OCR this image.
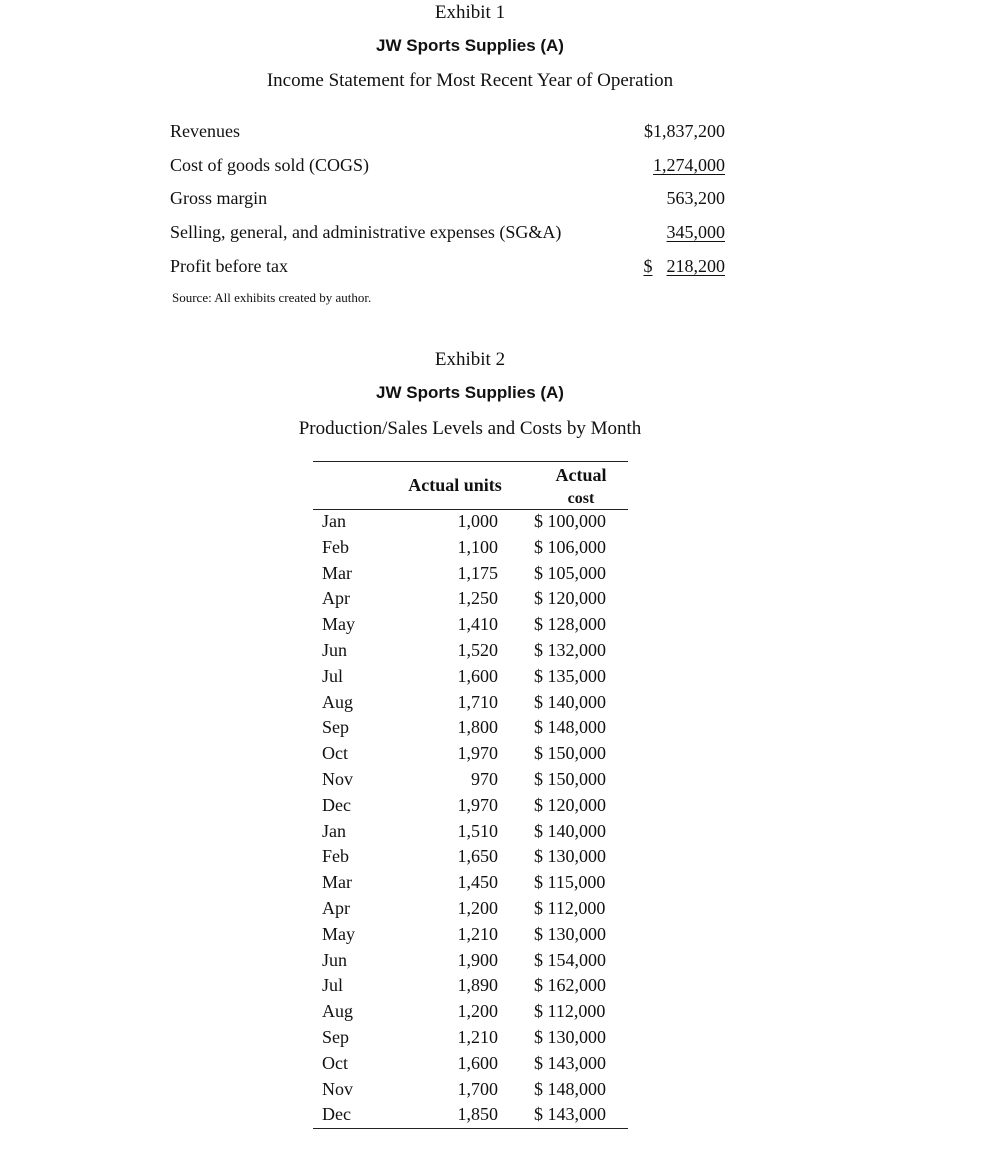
Exhibit 1
JW Sports Supplies (A)
Income Statement for Most Recent Year of Operation
Revenues	$1,837,200
Cost of goods sold (COGS)	1,274,000
Gross margin	563,200
Selling, general, and administrative expenses (SG&A)	345,000
Profit before tax	$ 218,200
Source: All exhibits created by author.
Exhibit 2
JW Sports Supplies (A)
Production/Sales Levels and Costs by Month
Actual units	Actual
cost
Jan	1,000 $ 100,000
Feb	1,100 $ 106,000
Mar	1,175 $ 105,000
Apr	1,250 $ 120,000
May	1,410 $ 128,000
Jun	1,520 $ 132,000
Jul	1,600 $ 135,000
Aug	1,710 $ 140,000
Sep	1,800 $ 148,000
Oct	1,970 $ 150,000
Nov	970 $ 150,000
Dec	1,970 $ 120,000
Jan	1,510 $ 140,000
Feb	1,650 $ 130,000
Mar	1,450 $ 115,000
Apr	1,200 $ 112,000
May	1,210 $ 130,000
Jun	1,900 $ 154,000
Jul	1,890 $ 162,000
Aug	1,200 $ 112,000
Sep	1,210 $ 130,000
Oct	1,600 $ 143,000
Nov	1,700 $ 148,000
Dec	1,850 $ 143,000
